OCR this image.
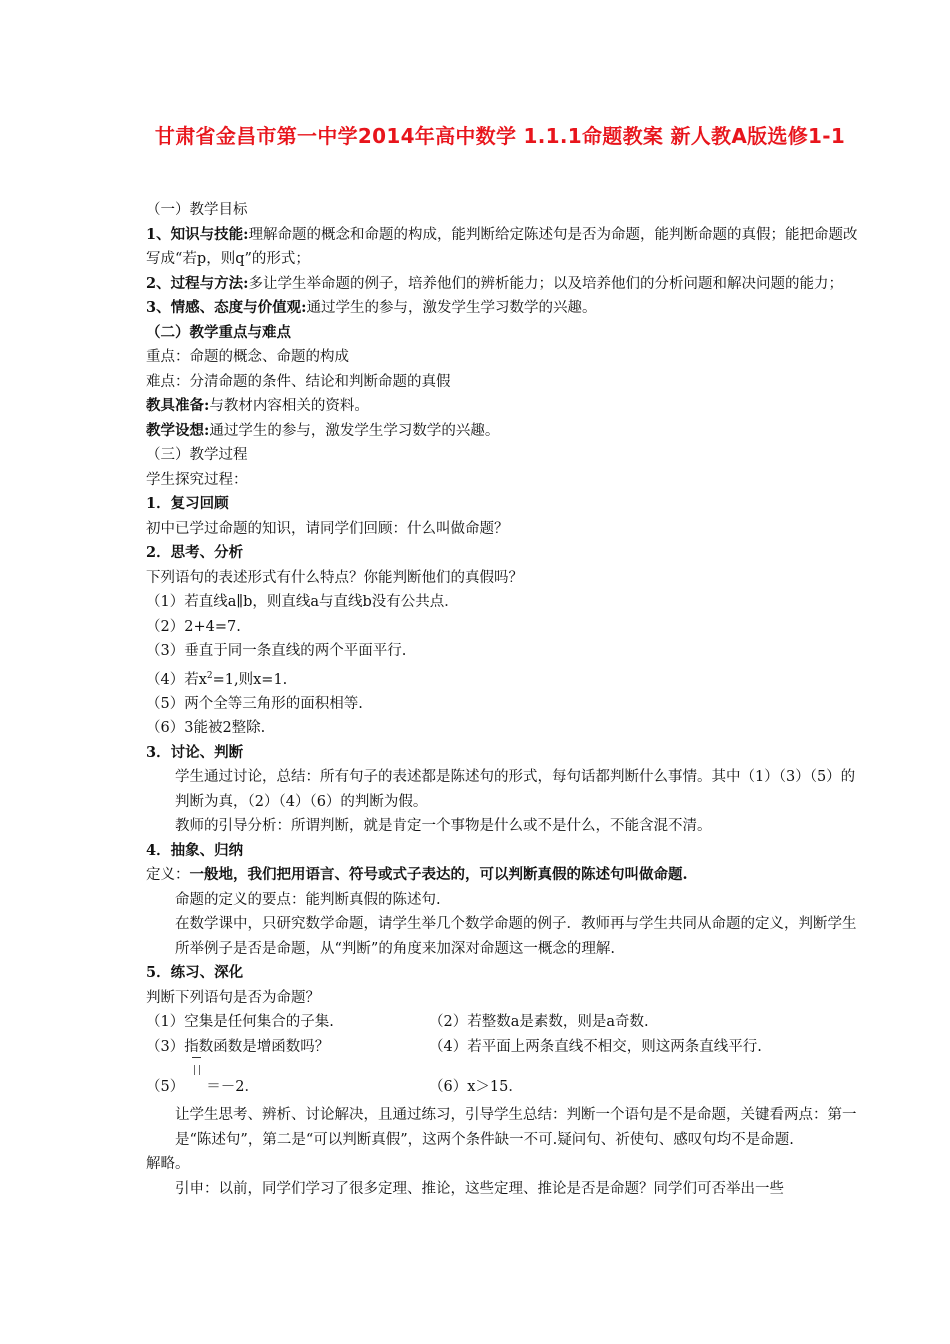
甘肃省金昌市第一中学2014年高中数学 1.1.1命题教案 新人教A版选修1-1

（一）教学目标

1、知识与技能:理解命题的概念和命题的构成，能判断给定陈述句是否为命题，能判断命题的真假；能把命题改写成“若p，则q”的形式；

2、过程与方法:多让学生举命题的例子，培养他们的辨析能力；以及培养他们的分析问题和解决问题的能力；

3、情感、态度与价值观:通过学生的参与，激发学生学习数学的兴趣。

（二）教学重点与难点

重点：命题的概念、命题的构成

难点：分清命题的条件、结论和判断命题的真假

教具准备:与教材内容相关的资料。

教学设想:通过学生的参与，激发学生学习数学的兴趣。

（三）教学过程

学生探究过程：

1．复习回顾

初中已学过命题的知识，请同学们回顾：什么叫做命题？

2．思考、分析

下列语句的表述形式有什么特点？你能判断他们的真假吗？

（1）若直线a∥b，则直线a与直线b没有公共点．

（2）2+4=7.

（3）垂直于同一条直线的两个平面平行.

（4）若$x^2=1$,则x=1.

（5）两个全等三角形的面积相等.

（6）3能被2整除.

3．讨论、判断

学生通过讨论，总结：所有句子的表述都是陈述句的形式，每句话都判断什么事情。其中（1）（3）（5）的判断为真，（2）（4）（6）的判断为假。

教师的引导分析：所谓判断，就是肯定一个事物是什么或不是什么，不能含混不清。

4．抽象、归纳

定义：一般地，我们把用语言、符号或式子表达的，可以判断真假的陈述句叫做命题.

命题的定义的要点：能判断真假的陈述句.

在数学课中，只研究数学命题，请学生举几个数学命题的例子．教师再与学生共同从命题的定义，判断学生所举例子是否是命题，从“判断”的角度来加深对命题这一概念的理解.

5．练习、深化

判断下列语句是否为命题？

（1）空集是任何集合的子集.	（2）若整数a是素数，则是a奇数.

（3）指数函数是增函数吗？	（4）若平面上两条直线不相交，则这两条直线平行.

（5） ＝－2．	（6）x＞15．

让学生思考、辨析、讨论解决，且通过练习，引导学生总结：判断一个语句是不是命题，关键看两点：第一是“陈述句”，第二是“可以判断真假”，这两个条件缺一不可.疑问句、祈使句、感叹句均不是命题.

解略。

引申：以前，同学们学习了很多定理、推论，这些定理、推论是否是命题？同学们可否举出一些
